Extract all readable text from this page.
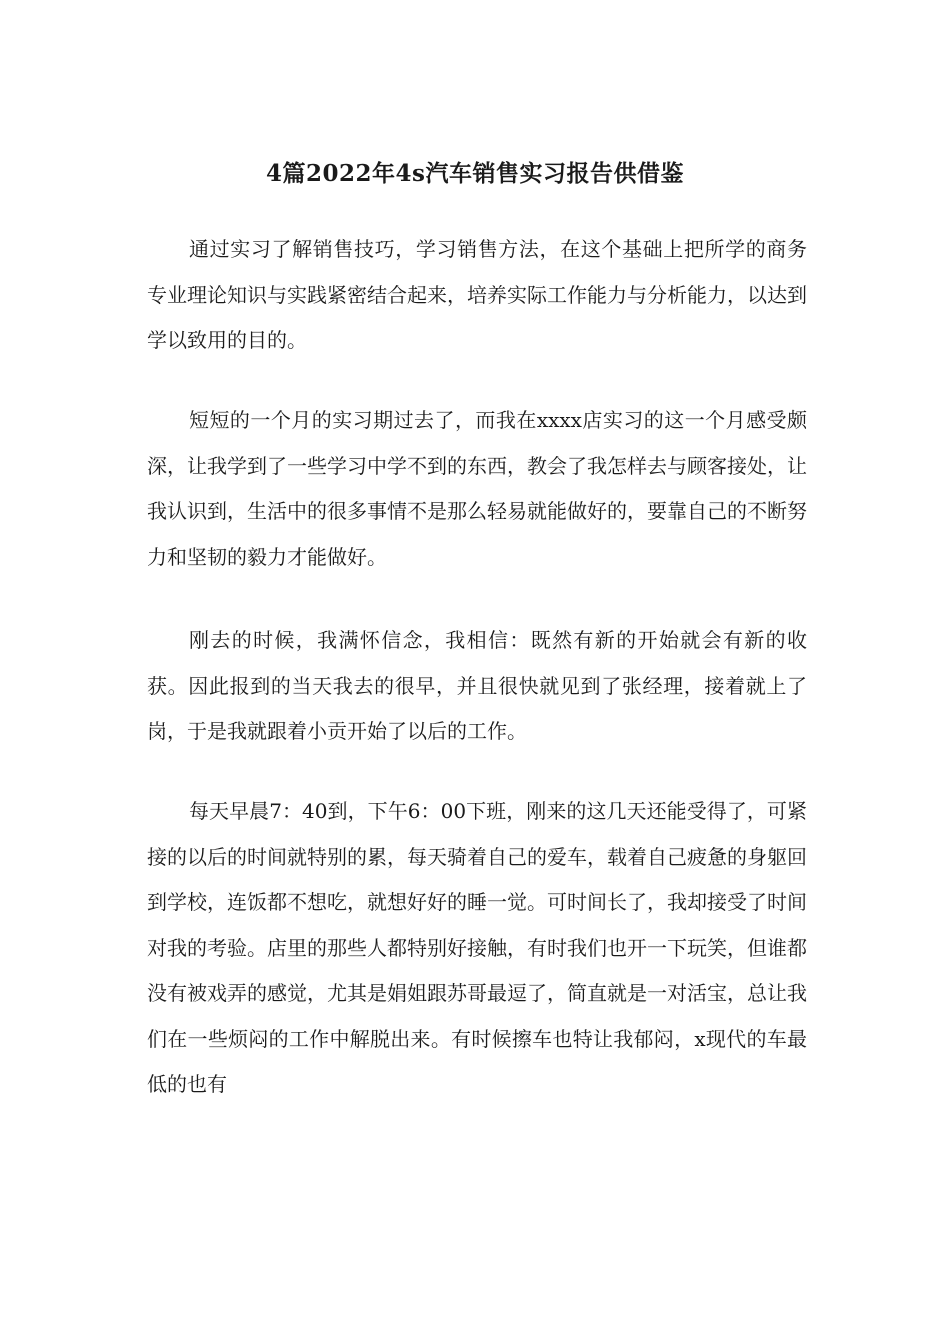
4篇2022年4s汽车销售实习报告供借鉴

通过实习了解销售技巧，学习销售方法，在这个基础上把所学的商务专业理论知识与实践紧密结合起来，培养实际工作能力与分析能力，以达到学以致用的目的。

短短的一个月的实习期过去了，而我在xxxx店实习的这一个月感受颇深，让我学到了一些学习中学不到的东西，教会了我怎样去与顾客接处，让我认识到，生活中的很多事情不是那么轻易就能做好的，要靠自己的不断努力和坚韧的毅力才能做好。

刚去的时候，我满怀信念，我相信：既然有新的开始就会有新的收获。因此报到的当天我去的很早，并且很快就见到了张经理，接着就上了岗，于是我就跟着小贡开始了以后的工作。

每天早晨7：40到，下午6：00下班，刚来的这几天还能受得了，可紧接的以后的时间就特别的累，每天骑着自己的爱车，载着自己疲惫的身躯回到学校，连饭都不想吃，就想好好的睡一觉。可时间长了，我却接受了时间对我的考验。店里的那些人都特别好接触，有时我们也开一下玩笑，但谁都没有被戏弄的感觉，尤其是娟姐跟苏哥最逗了，简直就是一对活宝，总让我们在一些烦闷的工作中解脱出来。有时候擦车也特让我郁闷，x现代的车最低的也有
